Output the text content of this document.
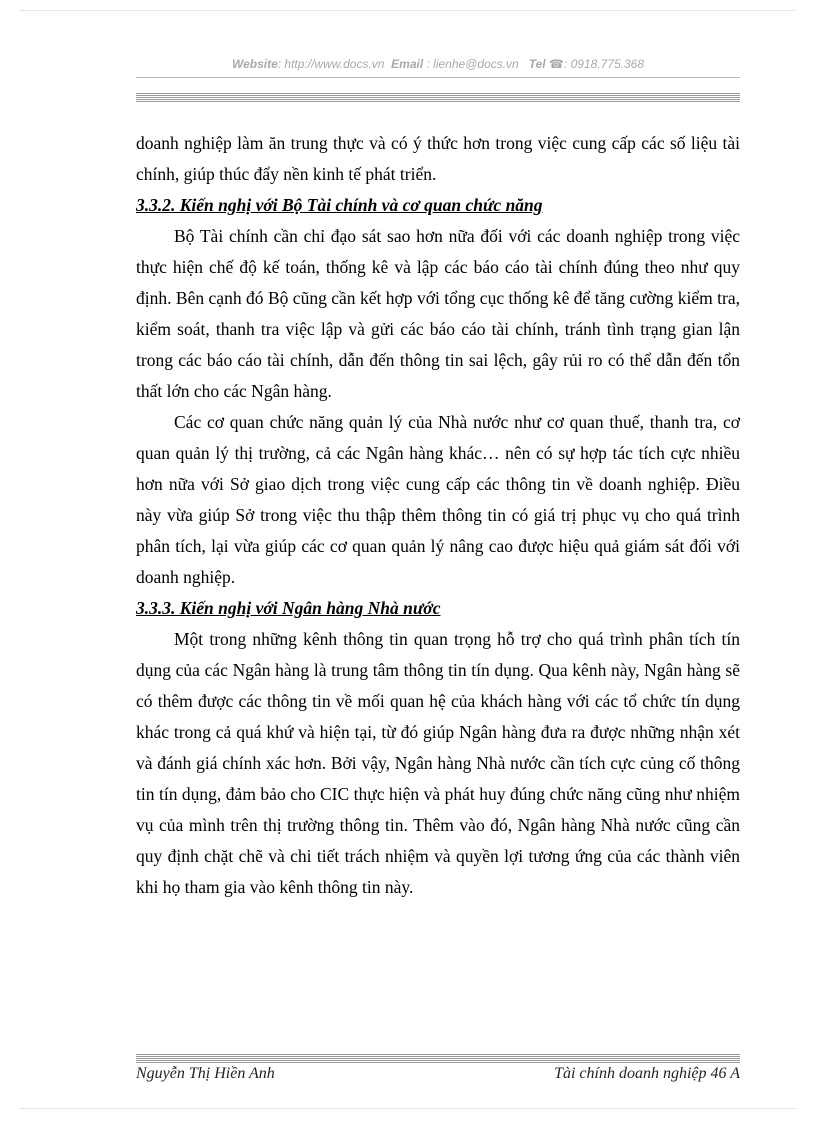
Website: http://www.docs.vn Email : lienhe@docs.vn Tel ☎: 0918.775.368

doanh nghiệp làm ăn trung thực và có ý thức hơn trong việc cung cấp các số liệu tài chính, giúp thúc đẩy nền kinh tế phát triển.

3.3.2. Kiến nghị với Bộ Tài chính và cơ quan chức năng

Bộ Tài chính cần chỉ đạo sát sao hơn nữa đối với các doanh nghiệp trong việc thực hiện chế độ kế toán, thống kê và lập các báo cáo tài chính đúng theo như quy định. Bên cạnh đó Bộ cũng cần kết hợp với tổng cục thống kê để tăng cường kiểm tra, kiểm soát, thanh tra việc lập và gửi các báo cáo tài chính, tránh tình trạng gian lận trong các báo cáo tài chính, dẫn đến thông tin sai lệch, gây rủi ro có thể dẫn đến tổn thất lớn cho các Ngân hàng.

Các cơ quan chức năng quản lý của Nhà nước như cơ quan thuế, thanh tra, cơ quan quản lý thị trường, cả các Ngân hàng khác… nên có sự hợp tác tích cực nhiều hơn nữa với Sở giao dịch trong việc cung cấp các thông tin về doanh nghiệp. Điều này vừa giúp Sở trong việc thu thập thêm thông tin có giá trị phục vụ cho quá trình phân tích, lại vừa giúp các cơ quan quản lý nâng cao được hiệu quả giám sát đối với doanh nghiệp.

3.3.3. Kiến nghị với Ngân hàng Nhà nước

Một trong những kênh thông tin quan trọng hỗ trợ cho quá trình phân tích tín dụng của các Ngân hàng là trung tâm thông tin tín dụng. Qua kênh này, Ngân hàng sẽ có thêm được các thông tin về mối quan hệ của khách hàng với các tổ chức tín dụng khác trong cả quá khứ và hiện tại, từ đó giúp Ngân hàng đưa ra được những nhận xét và đánh giá chính xác hơn. Bởi vậy, Ngân hàng Nhà nước cần tích cực củng cố thông tin tín dụng, đảm bảo cho CIC thực hiện và phát huy đúng chức năng cũng như nhiệm vụ của mình trên thị trường thông tin. Thêm vào đó, Ngân hàng Nhà nước cũng cần quy định chặt chẽ và chi tiết trách nhiệm và quyền lợi tương ứng của các thành viên khi họ tham gia vào kênh thông tin này.

Nguyễn Thị Hiền Anh	Tài chính doanh nghiệp 46 A
